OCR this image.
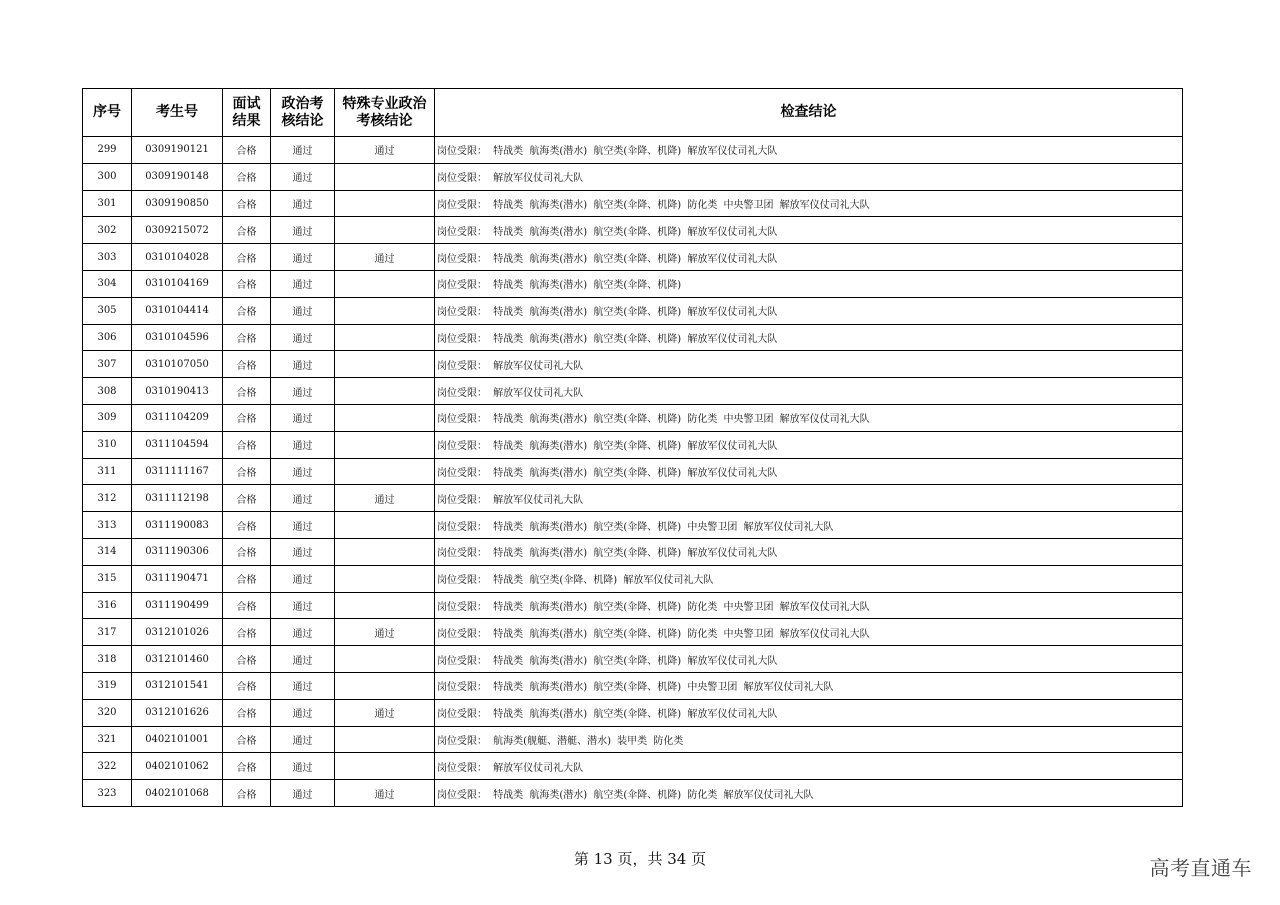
序号	考生号	面试结果	政治考核结论	特殊专业政治考核结论	检查结论
299	0309190121	合格	通过	通过	岗位受限： 特战类 航海类(潜水) 航空类(伞降、机降) 解放军仪仗司礼大队
300	0309190148	合格	通过		岗位受限： 解放军仪仗司礼大队
301	0309190850	合格	通过		岗位受限： 特战类 航海类(潜水) 航空类(伞降、机降) 防化类 中央警卫团 解放军仪仗司礼大队
302	0309215072	合格	通过		岗位受限： 特战类 航海类(潜水) 航空类(伞降、机降) 解放军仪仗司礼大队
303	0310104028	合格	通过	通过	岗位受限： 特战类 航海类(潜水) 航空类(伞降、机降) 解放军仪仗司礼大队
304	0310104169	合格	通过		岗位受限： 特战类 航海类(潜水) 航空类(伞降、机降)
305	0310104414	合格	通过		岗位受限： 特战类 航海类(潜水) 航空类(伞降、机降) 解放军仪仗司礼大队
306	0310104596	合格	通过		岗位受限： 特战类 航海类(潜水) 航空类(伞降、机降) 解放军仪仗司礼大队
307	0310107050	合格	通过		岗位受限： 解放军仪仗司礼大队
308	0310190413	合格	通过		岗位受限： 解放军仪仗司礼大队
309	0311104209	合格	通过		岗位受限： 特战类 航海类(潜水) 航空类(伞降、机降) 防化类 中央警卫团 解放军仪仗司礼大队
310	0311104594	合格	通过		岗位受限： 特战类 航海类(潜水) 航空类(伞降、机降) 解放军仪仗司礼大队
311	0311111167	合格	通过		岗位受限： 特战类 航海类(潜水) 航空类(伞降、机降) 解放军仪仗司礼大队
312	0311112198	合格	通过	通过	岗位受限： 解放军仪仗司礼大队
313	0311190083	合格	通过		岗位受限： 特战类 航海类(潜水) 航空类(伞降、机降) 中央警卫团 解放军仪仗司礼大队
314	0311190306	合格	通过		岗位受限： 特战类 航海类(潜水) 航空类(伞降、机降) 解放军仪仗司礼大队
315	0311190471	合格	通过		岗位受限： 特战类 航空类(伞降、机降) 解放军仪仗司礼大队
316	0311190499	合格	通过		岗位受限： 特战类 航海类(潜水) 航空类(伞降、机降) 防化类 中央警卫团 解放军仪仗司礼大队
317	0312101026	合格	通过	通过	岗位受限： 特战类 航海类(潜水) 航空类(伞降、机降) 防化类 中央警卫团 解放军仪仗司礼大队
318	0312101460	合格	通过		岗位受限： 特战类 航海类(潜水) 航空类(伞降、机降) 解放军仪仗司礼大队
319	0312101541	合格	通过		岗位受限： 特战类 航海类(潜水) 航空类(伞降、机降) 中央警卫团 解放军仪仗司礼大队
320	0312101626	合格	通过	通过	岗位受限： 特战类 航海类(潜水) 航空类(伞降、机降) 解放军仪仗司礼大队
321	0402101001	合格	通过		岗位受限： 航海类(舰艇、潜艇、潜水) 装甲类 防化类
322	0402101062	合格	通过		岗位受限： 解放军仪仗司礼大队
323	0402101068	合格	通过	通过	岗位受限： 特战类 航海类(潜水) 航空类(伞降、机降) 防化类 解放军仪仗司礼大队
第 13 页，共 34 页	高考直通车
